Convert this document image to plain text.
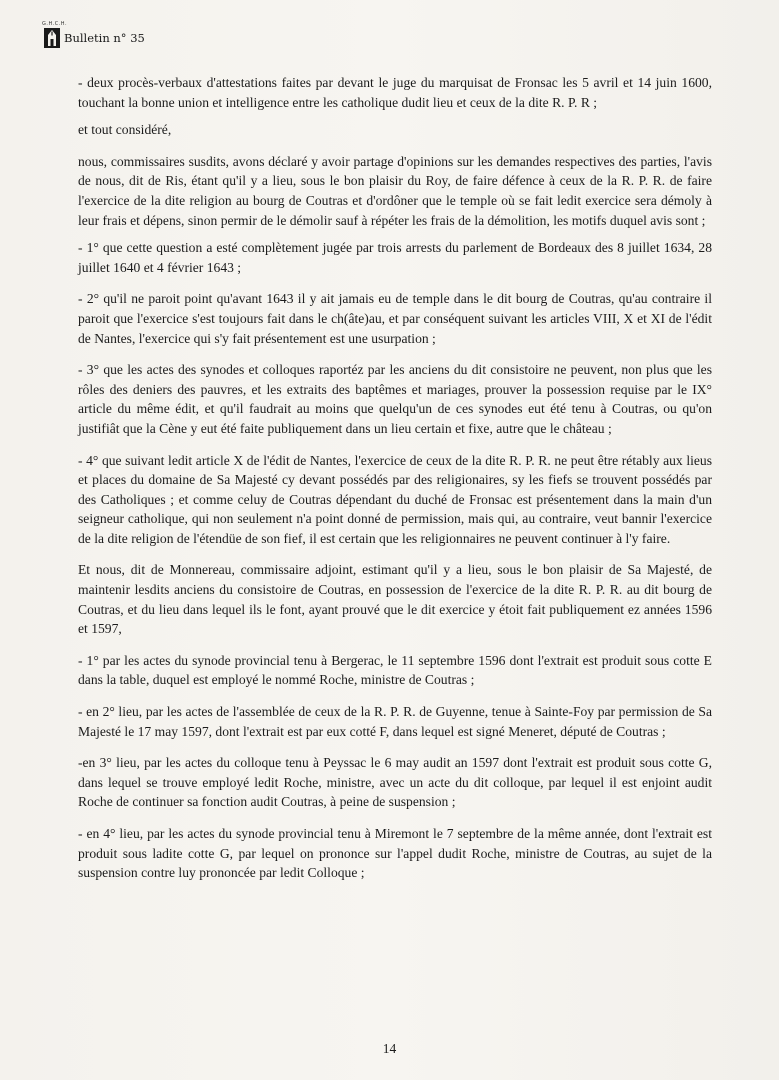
G.H.C.H.
Bulletin n° 35

- deux procès-verbaux d'attestations faites par devant le juge du marquisat de Fronsac les 5 avril et 14 juin 1600, touchant la bonne union et intelligence entre les catholique dudit lieu et ceux de la dite R. P. R ;

et tout considéré,

nous, commissaires susdits, avons déclaré y avoir partage d'opinions sur les demandes respectives des parties, l'avis de nous, dit de Ris, étant qu'il y a lieu, sous le bon plaisir du Roy, de faire défence à ceux de la R. P. R. de faire l'exercice de la dite religion au bourg de Coutras et d'ordôner que le temple où se fait ledit exercice sera démoly à leur frais et dépens, sinon permir de le démolir sauf à répéter les frais de la démolition, les motifs duquel avis sont ;

- 1° que cette question a esté complètement jugée par trois arrests du parlement de Bordeaux des 8 juillet 1634, 28 juillet 1640 et 4 février 1643 ;

- 2° qu'il ne paroit point qu'avant 1643 il y ait jamais eu de temple dans le dit bourg de Coutras, qu'au contraire il paroit que l'exercice s'est toujours fait dans le ch(âte)au, et par conséquent suivant les articles VIII, X et XI de l'édit de Nantes, l'exercice qui s'y fait présentement est une usurpation ;

- 3° que les actes des synodes et colloques raportéz par les anciens du dit consistoire ne peuvent, non plus que les rôles des deniers des pauvres, et les extraits des baptêmes et mariages, prouver la possession requise par le IX° article du même édit, et qu'il faudrait au moins que quelqu'un de ces synodes eut été tenu à Coutras, ou qu'on justifiât que la Cène y eut été faite publiquement dans un lieu certain et fixe, autre que le château ;

- 4° que suivant ledit article X de l'édit de Nantes, l'exercice de ceux de la dite R. P. R. ne peut être rétably aux lieus et places du domaine de Sa Majesté cy devant possédés par des religionaires, sy les fiefs se trouvent possédés par des Catholiques ; et comme celuy de Coutras dépendant du duché de Fronsac est présentement dans la main d'un seigneur catholique, qui non seulement n'a point donné de permission, mais qui, au contraire, veut bannir l'exercice de la dite religion de l'étendüe de son fief, il est certain que les religionnaires ne peuvent continuer à l'y faire.

Et nous, dit de Monnereau, commissaire adjoint, estimant qu'il y a lieu, sous le bon plaisir de Sa Majesté, de maintenir lesdits anciens du consistoire de Coutras, en possession de l'exercice de la dite R. P. R. au dit bourg de Coutras, et du lieu dans lequel ils le font, ayant prouvé que le dit exercice y étoit fait publiquement ez années 1596 et 1597,

- 1° par les actes du synode provincial tenu à Bergerac, le 11 septembre 1596 dont l'extrait est produit sous cotte E dans la table, duquel est employé le nommé Roche, ministre de Coutras ;

- en 2° lieu, par les actes de l'assemblée de ceux de la R. P. R. de Guyenne, tenue à Sainte-Foy par permission de Sa Majesté le 17 may 1597, dont l'extrait est par eux cotté F, dans lequel est signé Meneret, député de Coutras ;

-en 3° lieu, par les actes du colloque tenu à Peyssac le 6 may audit an 1597 dont l'extrait est produit sous cotte G, dans lequel se trouve employé ledit Roche, ministre, avec un acte du dit colloque, par lequel il est enjoint audit Roche de continuer sa fonction audit Coutras, à peine de suspension ;

- en 4° lieu, par les actes du synode provincial tenu à Miremont le 7 septembre de la même année, dont l'extrait est produit sous ladite cotte G, par lequel on prononce sur l'appel dudit Roche, ministre de Coutras, au sujet de la suspension contre luy prononcée par ledit Colloque ;

14
